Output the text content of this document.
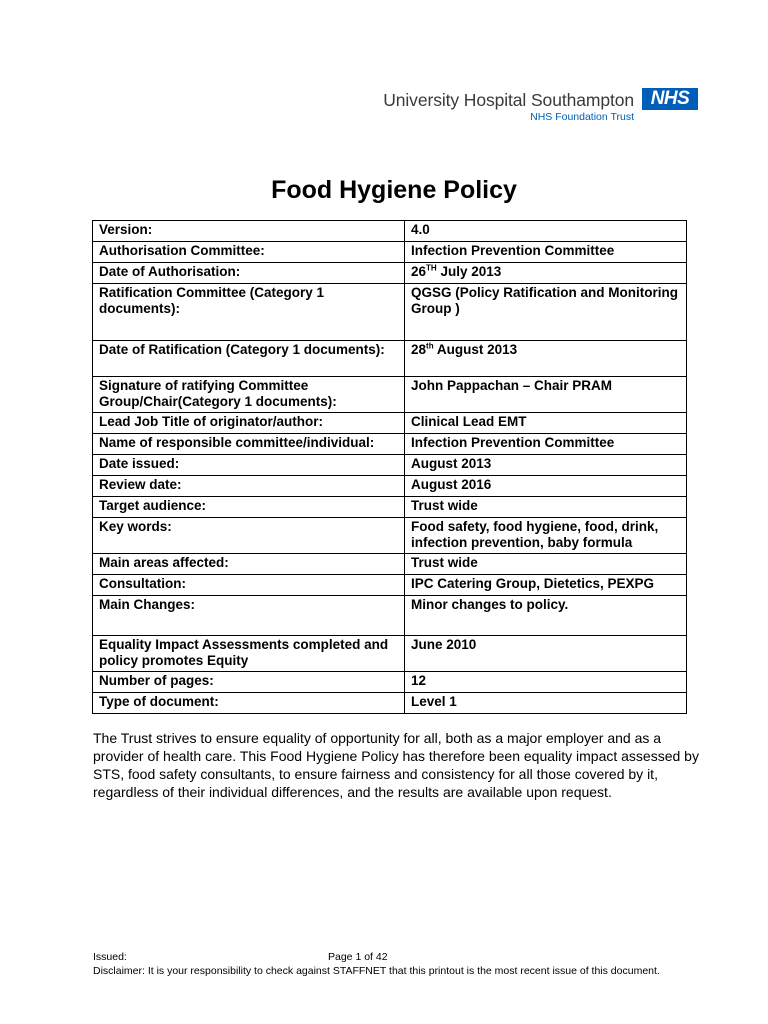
University Hospital Southampton NHS
NHS Foundation Trust
Food Hygiene Policy
Version:	4.0
Authorisation Committee:	Infection Prevention Committee
Date of Authorisation:	26TH July 2013
Ratification Committee (Category 1 documents):	QGSG (Policy Ratification and Monitoring Group )
Date of Ratification (Category 1 documents):	28th August 2013
Signature of ratifying Committee Group/Chair(Category 1 documents):	John Pappachan – Chair PRAM
Lead Job Title of originator/author:	Clinical Lead EMT
Name of responsible committee/individual:	Infection Prevention Committee
Date issued:	August 2013
Review date:	August 2016
Target audience:	Trust wide
Key words:	Food safety, food hygiene, food, drink, infection prevention, baby formula
Main areas affected:	Trust wide
Consultation:	IPC Catering Group, Dietetics, PEXPG
Main Changes:	Minor changes to policy.
Equality Impact Assessments completed and policy promotes Equity	June 2010
Number of pages:	12
Type of document:	Level 1
The Trust strives to ensure equality of opportunity for all, both as a major employer and as a provider of health care. This Food Hygiene Policy has therefore been equality impact assessed by STS, food safety consultants, to ensure fairness and consistency for all those covered by it, regardless of their individual differences, and the results are available upon request.
Issued:	Page 1 of 42
Disclaimer: It is your responsibility to check against STAFFNET that this printout is the most recent issue of this document.
